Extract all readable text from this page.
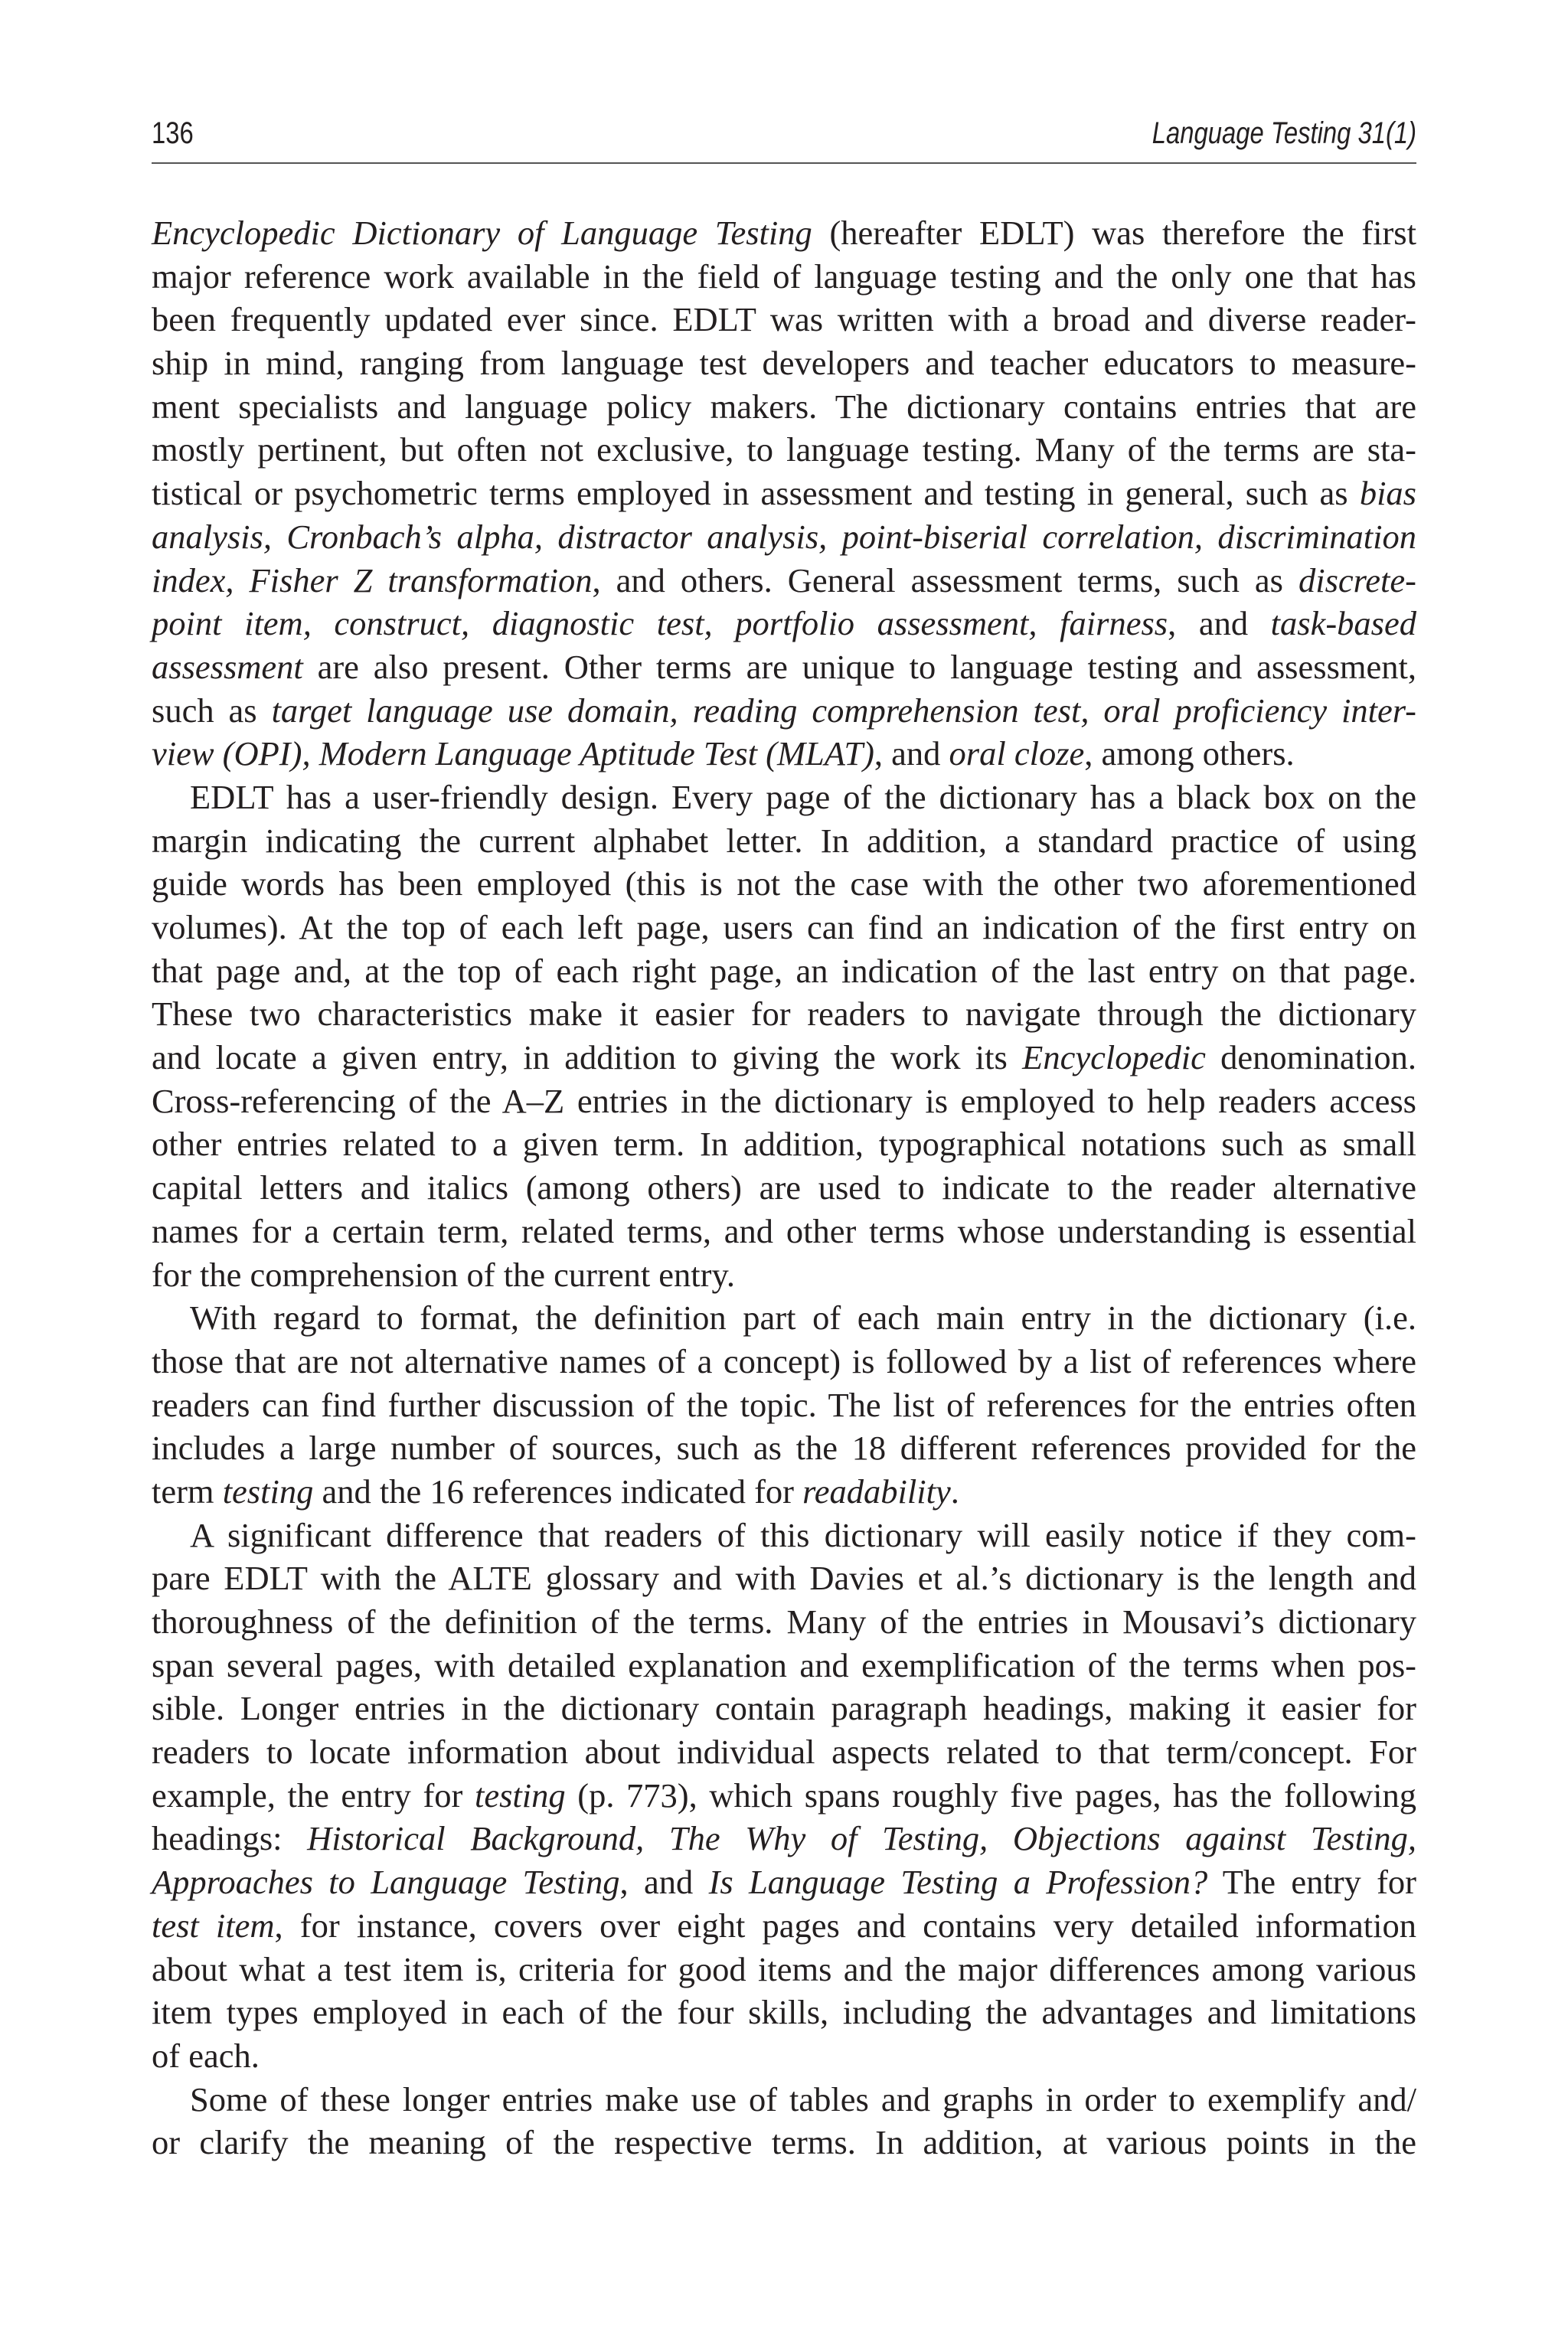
136	Language Testing 31(1)
Encyclopedic Dictionary of Language Testing (hereafter EDLT) was therefore the first
major reference work available in the field of language testing and the only one that has
been frequently updated ever since. EDLT was written with a broad and diverse reader-
ship in mind, ranging from language test developers and teacher educators to measure-
ment specialists and language policy makers. The dictionary contains entries that are
mostly pertinent, but often not exclusive, to language testing. Many of the terms are sta-
tistical or psychometric terms employed in assessment and testing in general, such as bias
analysis, Cronbach’s alpha, distractor analysis, point-biserial correlation, discrimination
index, Fisher Z transformation, and others. General assessment terms, such as discrete-
point item, construct, diagnostic test, portfolio assessment, fairness, and task-based
assessment are also present. Other terms are unique to language testing and assessment,
such as target language use domain, reading comprehension test, oral proficiency inter-
view (OPI), Modern Language Aptitude Test (MLAT), and oral cloze, among others.
EDLT has a user-friendly design. Every page of the dictionary has a black box on the
margin indicating the current alphabet letter. In addition, a standard practice of using
guide words has been employed (this is not the case with the other two aforementioned
volumes). At the top of each left page, users can find an indication of the first entry on
that page and, at the top of each right page, an indication of the last entry on that page.
These two characteristics make it easier for readers to navigate through the dictionary
and locate a given entry, in addition to giving the work its Encyclopedic denomination.
Cross-referencing of the A–Z entries in the dictionary is employed to help readers access
other entries related to a given term. In addition, typographical notations such as small
capital letters and italics (among others) are used to indicate to the reader alternative
names for a certain term, related terms, and other terms whose understanding is essential
for the comprehension of the current entry.
With regard to format, the definition part of each main entry in the dictionary (i.e.
those that are not alternative names of a concept) is followed by a list of references where
readers can find further discussion of the topic. The list of references for the entries often
includes a large number of sources, such as the 18 different references provided for the
term testing and the 16 references indicated for readability.
A significant difference that readers of this dictionary will easily notice if they com-
pare EDLT with the ALTE glossary and with Davies et al.’s dictionary is the length and
thoroughness of the definition of the terms. Many of the entries in Mousavi’s dictionary
span several pages, with detailed explanation and exemplification of the terms when pos-
sible. Longer entries in the dictionary contain paragraph headings, making it easier for
readers to locate information about individual aspects related to that term/concept. For
example, the entry for testing (p. 773), which spans roughly five pages, has the following
headings: Historical Background, The Why of Testing, Objections against Testing,
Approaches to Language Testing, and Is Language Testing a Profession? The entry for
test item, for instance, covers over eight pages and contains very detailed information
about what a test item is, criteria for good items and the major differences among various
item types employed in each of the four skills, including the advantages and limitations
of each.
Some of these longer entries make use of tables and graphs in order to exemplify and/
or clarify the meaning of the respective terms. In addition, at various points in the
